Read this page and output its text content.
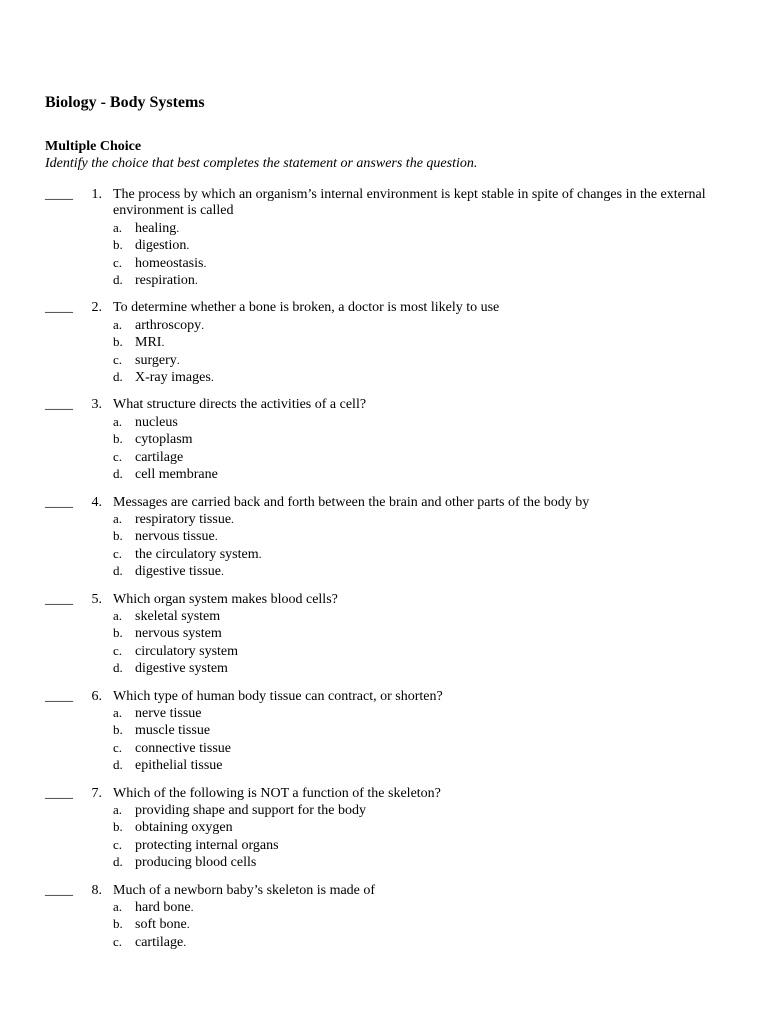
Biology - Body Systems
Multiple Choice
Identify the choice that best completes the statement or answers the question.
____	1. The process by which an organism’s internal environment is kept stable in spite of changes in the external environment is called
a. healing.
b. digestion.
c. homeostasis.
d. respiration.
____	2. To determine whether a bone is broken, a doctor is most likely to use
a. arthroscopy.
b. MRI.
c. surgery.
d. X-ray images.
____	3. What structure directs the activities of a cell?
a. nucleus
b. cytoplasm
c. cartilage
d. cell membrane
____	4. Messages are carried back and forth between the brain and other parts of the body by
a. respiratory tissue.
b. nervous tissue.
c. the circulatory system.
d. digestive tissue.
____	5. Which organ system makes blood cells?
a. skeletal system
b. nervous system
c. circulatory system
d. digestive system
____	6. Which type of human body tissue can contract, or shorten?
a. nerve tissue
b. muscle tissue
c. connective tissue
d. epithelial tissue
____	7. Which of the following is NOT a function of the skeleton?
a. providing shape and support for the body
b. obtaining oxygen
c. protecting internal organs
d. producing blood cells
____	8. Much of a newborn baby’s skeleton is made of
a. hard bone.
b. soft bone.
c. cartilage.
